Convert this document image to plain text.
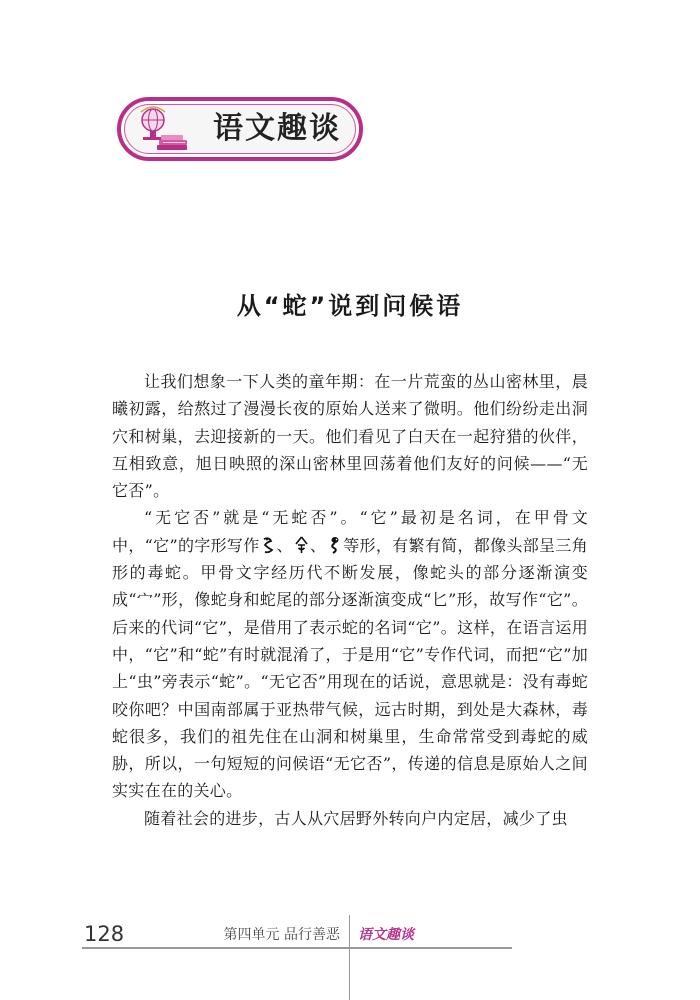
语文趣谈
从“蛇”说到问候语

让我们想象一下人类的童年期：在一片荒蛮的丛山密林里，晨曦初露，给熬过了漫漫长夜的原始人送来了微明。他们纷纷走出洞穴和树巢，去迎接新的一天。他们看见了白天在一起狩猎的伙伴，互相致意，旭日映照的深山密林里回荡着他们友好的问候——“无它否”。

“无它否”就是“无蛇否”。“它”最初是名词，在甲骨文中，“它”的字形写作 、 、 等形，有繁有简，都像头部呈三角形的毒蛇。甲骨文字经历代不断发展，像蛇头的部分逐渐演变成“宀”形，像蛇身和蛇尾的部分逐渐演变成“匕”形，故写作“它”。后来的代词“它”，是借用了表示蛇的名词“它”。这样，在语言运用中，“它”和“蛇”有时就混淆了，于是用“它”专作代词，而把“它”加上“虫”旁表示“蛇”。“无它否”用现在的话说，意思就是：没有毒蛇咬你吧？中国南部属于亚热带气候，远古时期，到处是大森林，毒蛇很多，我们的祖先住在山洞和树巢里，生命常常受到毒蛇的威胁，所以，一句短短的问候语“无它否”，传递的信息是原始人之间实实在在的关心。

随着社会的进步，古人从穴居野外转向户内定居，减少了虫

128	第四单元 品行善恶 语文趣谈
